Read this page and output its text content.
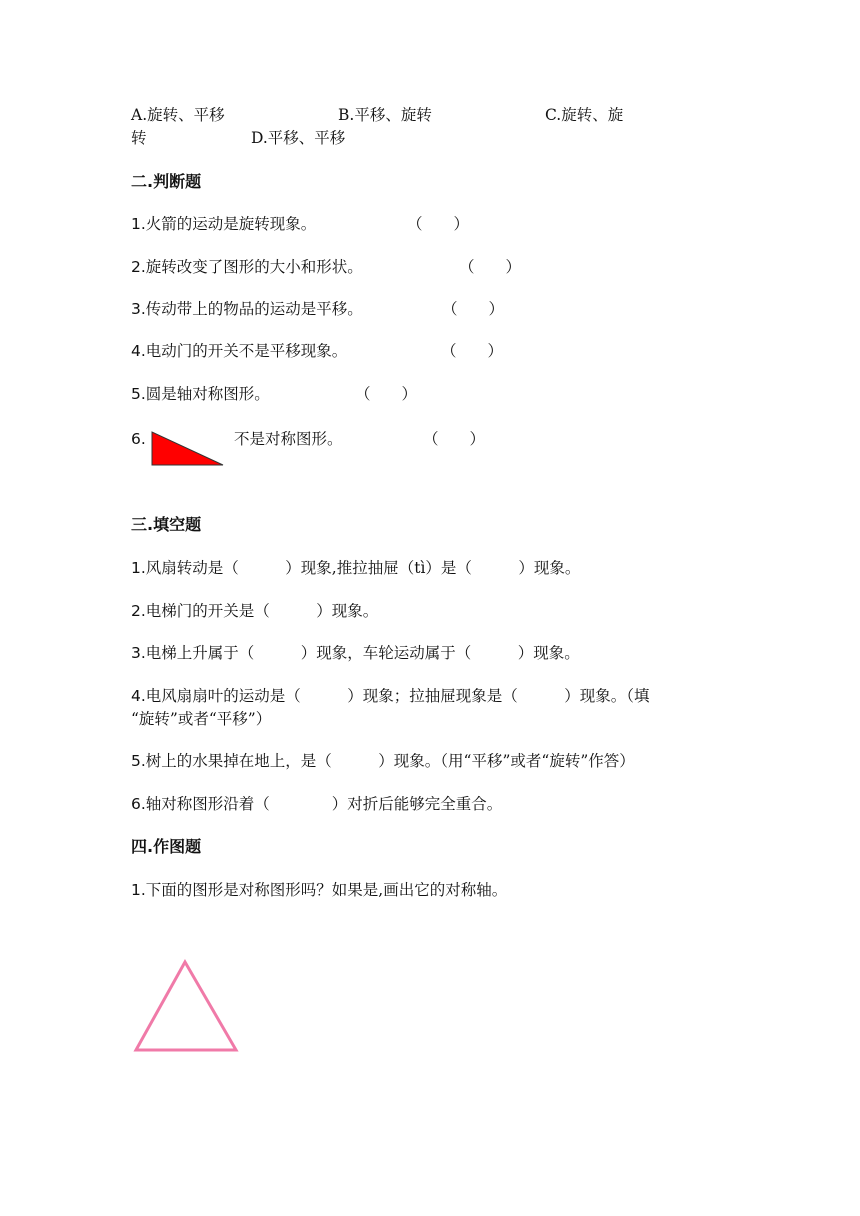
A.旋转、平移	B.平移、旋转	C.旋转、旋
转	D.平移、平移
二.判断题
1.火箭的运动是旋转现象。	（　　）
2.旋转改变了图形的大小和形状。	（　　）
3.传动带上的物品的运动是平移。	（　　）
4.电动门的开关不是平移现象。	（　　）
5.圆是轴对称图形。	（　　）
6.	不是对称图形。	（　　）
三.填空题
1.风扇转动是（　　　）现象,推拉抽屉（tì）是（　　　）现象。
2.电梯门的开关是（　　　）现象。
3.电梯上升属于（　　　）现象，车轮运动属于（　　　）现象。
4.电风扇扇叶的运动是（　　　）现象；拉抽屉现象是（　　　）现象。（填
“旋转”或者“平移”）
5.树上的水果掉在地上，是（　　　）现象。（用“平移”或者“旋转”作答）
6.轴对称图形沿着（　　　　）对折后能够完全重合。
四.作图题
1.下面的图形是对称图形吗？如果是,画出它的对称轴。
